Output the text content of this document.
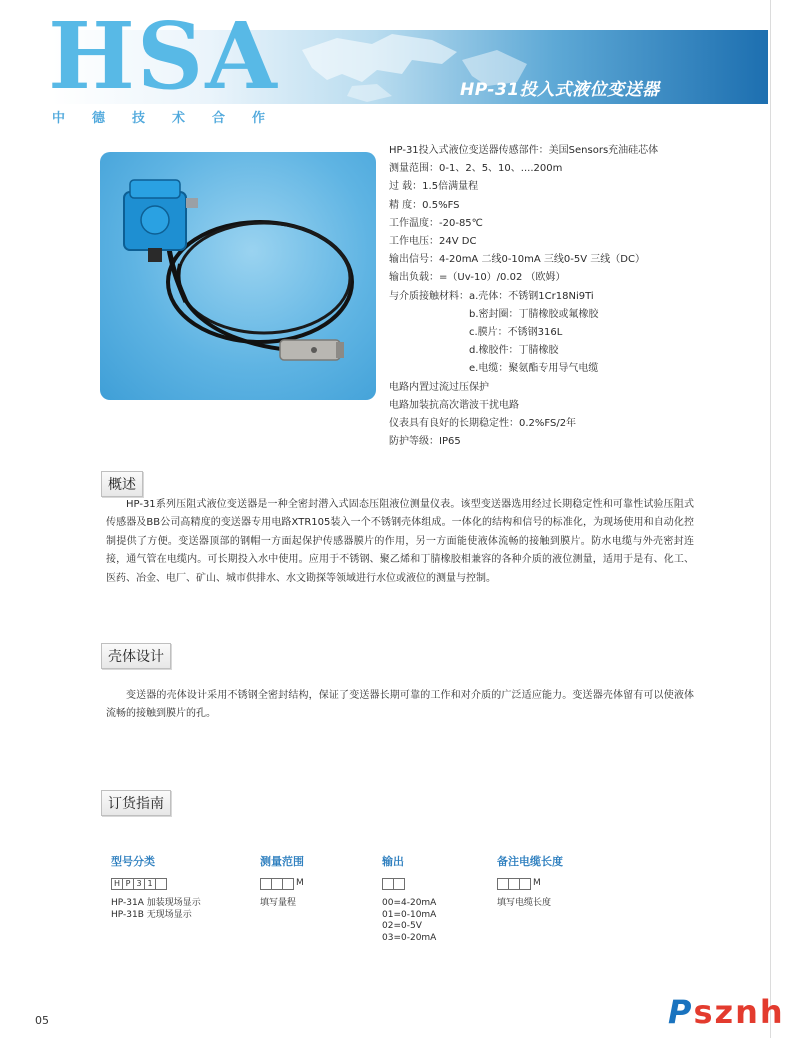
HSA
中德技术合作
HP-31投入式液位变送器
HP-31投入式液位变送器传感部件：美国Sensors充油硅芯体
测量范围：0-1、2、5、10、....200m
过 载：1.5倍满量程
精 度：0.5%FS
工作温度：-20-85℃
工作电压：24V DC
输出信号：4-20mA 二线0-10mA 三线0-5V 三线（DC）
输出负载：=（Uv-10）/0.02 （欧姆）
与介质接触材料：a.壳体：不锈钢1Cr18Ni9Ti
b.密封圈：丁腈橡胶或氟橡胶
c.膜片：不锈钢316L
d.橡胶件：丁腈橡胶
e.电缆：聚氨酯专用导气电缆
电路内置过流过压保护
电路加装抗高次谐波干扰电路
仪表具有良好的长期稳定性：0.2%FS/2年
防护等级：IP65
概述
HP-31系列压阻式液位变送器是一种全密封潜入式固态压阻液位测量仪表。该型变送器选用经过长期稳定性和可靠性试验压阻式传感器及BB公司高精度的变送器专用电路XTR105装入一个不锈钢壳体组成。一体化的结构和信号的标准化，为现场使用和自动化控制提供了方便。变送器顶部的钢帽一方面起保护传感器膜片的作用，另一方面能使液体流畅的接触到膜片。防水电缆与外壳密封连接，通气管在电缆内。可长期投入水中使用。应用于不锈钢、聚乙烯和丁腈橡胶相兼容的各种介质的液位测量，适用于是有、化工、医药、冶金、电厂、矿山、城市供排水、水文勘探等领域进行水位或液位的测量与控制。
壳体设计
变送器的壳体设计采用不锈钢全密封结构，保证了变送器长期可靠的工作和对介质的广泛适应能力。变送器壳体留有可以使液体流畅的接触到膜片的孔。
订货指南
型号分类
H P 3 1
HP-31A 加装现场显示
HP-31B 无现场显示
测量范围
M
填写量程
输出
00=4-20mA
01=0-10mA
02=0-5V
03=0-20mA
备注电缆长度
M
填写电缆长度
05	Psznh
